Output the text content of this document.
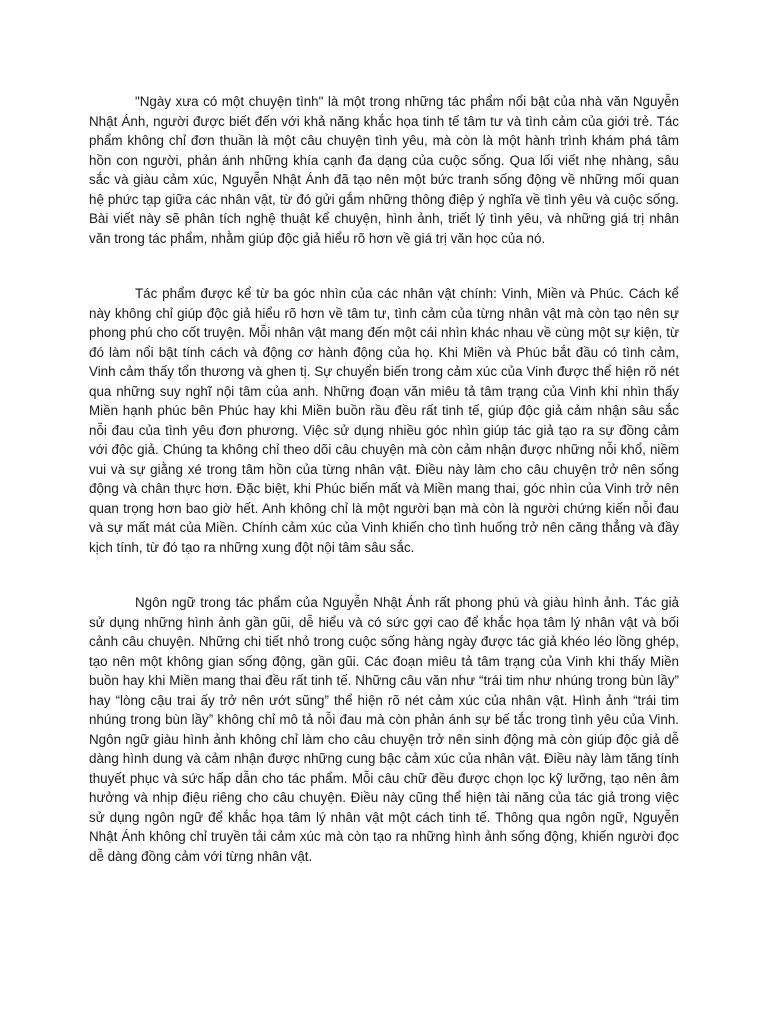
"Ngày xưa có một chuyện tình" là một trong những tác phẩm nổi bật của nhà văn Nguyễn Nhật Ánh, người được biết đến với khả năng khắc họa tinh tế tâm tư và tình cảm của giới trẻ. Tác phẩm không chỉ đơn thuần là một câu chuyện tình yêu, mà còn là một hành trình khám phá tâm hồn con người, phản ánh những khía cạnh đa dạng của cuộc sống. Qua lối viết nhẹ nhàng, sâu sắc và giàu cảm xúc, Nguyễn Nhật Ánh đã tạo nên một bức tranh sống động về những mối quan hệ phức tạp giữa các nhân vật, từ đó gửi gắm những thông điệp ý nghĩa về tình yêu và cuộc sống. Bài viết này sẽ phân tích nghệ thuật kể chuyện, hình ảnh, triết lý tình yêu, và những giá trị nhân văn trong tác phẩm, nhằm giúp độc giả hiểu rõ hơn về giá trị văn học của nó.

Tác phẩm được kể từ ba góc nhìn của các nhân vật chính: Vinh, Miền và Phúc. Cách kể này không chỉ giúp độc giả hiểu rõ hơn về tâm tư, tình cảm của từng nhân vật mà còn tạo nên sự phong phú cho cốt truyện. Mỗi nhân vật mang đến một cái nhìn khác nhau về cùng một sự kiện, từ đó làm nổi bật tính cách và động cơ hành động của họ. Khi Miền và Phúc bắt đầu có tình cảm, Vinh cảm thấy tổn thương và ghen tị. Sự chuyển biến trong cảm xúc của Vinh được thể hiện rõ nét qua những suy nghĩ nội tâm của anh. Những đoạn văn miêu tả tâm trạng của Vinh khi nhìn thấy Miền hạnh phúc bên Phúc hay khi Miền buồn rầu đều rất tinh tế, giúp độc giả cảm nhận sâu sắc nỗi đau của tình yêu đơn phương. Việc sử dụng nhiều góc nhìn giúp tác giả tạo ra sự đồng cảm với độc giả. Chúng ta không chỉ theo dõi câu chuyện mà còn cảm nhận được những nỗi khổ, niềm vui và sự giằng xé trong tâm hồn của từng nhân vật. Điều này làm cho câu chuyện trở nên sống động và chân thực hơn. Đặc biệt, khi Phúc biến mất và Miền mang thai, góc nhìn của Vinh trở nên quan trọng hơn bao giờ hết. Anh không chỉ là một người bạn mà còn là người chứng kiến nỗi đau và sự mất mát của Miền. Chính cảm xúc của Vinh khiến cho tình huống trở nên căng thẳng và đầy kịch tính, từ đó tạo ra những xung đột nội tâm sâu sắc.

Ngôn ngữ trong tác phẩm của Nguyễn Nhật Ánh rất phong phú và giàu hình ảnh. Tác giả sử dụng những hình ảnh gần gũi, dễ hiểu và có sức gợi cao để khắc họa tâm lý nhân vật và bối cảnh câu chuyện. Những chi tiết nhỏ trong cuộc sống hàng ngày được tác giả khéo léo lồng ghép, tạo nên một không gian sống động, gần gũi. Các đoạn miêu tả tâm trạng của Vinh khi thấy Miền buồn hay khi Miền mang thai đều rất tinh tế. Những câu văn như “trái tim như nhúng trong bùn lầy” hay “lòng cậu trai ấy trở nên ướt sũng” thể hiện rõ nét cảm xúc của nhân vật. Hình ảnh “trái tim nhúng trong bùn lầy” không chỉ mô tả nỗi đau mà còn phản ánh sự bế tắc trong tình yêu của Vinh. Ngôn ngữ giàu hình ảnh không chỉ làm cho câu chuyện trở nên sinh động mà còn giúp độc giả dễ dàng hình dung và cảm nhận được những cung bậc cảm xúc của nhân vật. Điều này làm tăng tính thuyết phục và sức hấp dẫn cho tác phẩm. Mỗi câu chữ đều được chọn lọc kỹ lưỡng, tạo nên âm hưởng và nhịp điệu riêng cho câu chuyện. Điều này cũng thể hiện tài năng của tác giả trong việc sử dụng ngôn ngữ để khắc họa tâm lý nhân vật một cách tinh tế. Thông qua ngôn ngữ, Nguyễn Nhật Ánh không chỉ truyền tải cảm xúc mà còn tạo ra những hình ảnh sống động, khiến người đọc dễ dàng đồng cảm với từng nhân vật.
